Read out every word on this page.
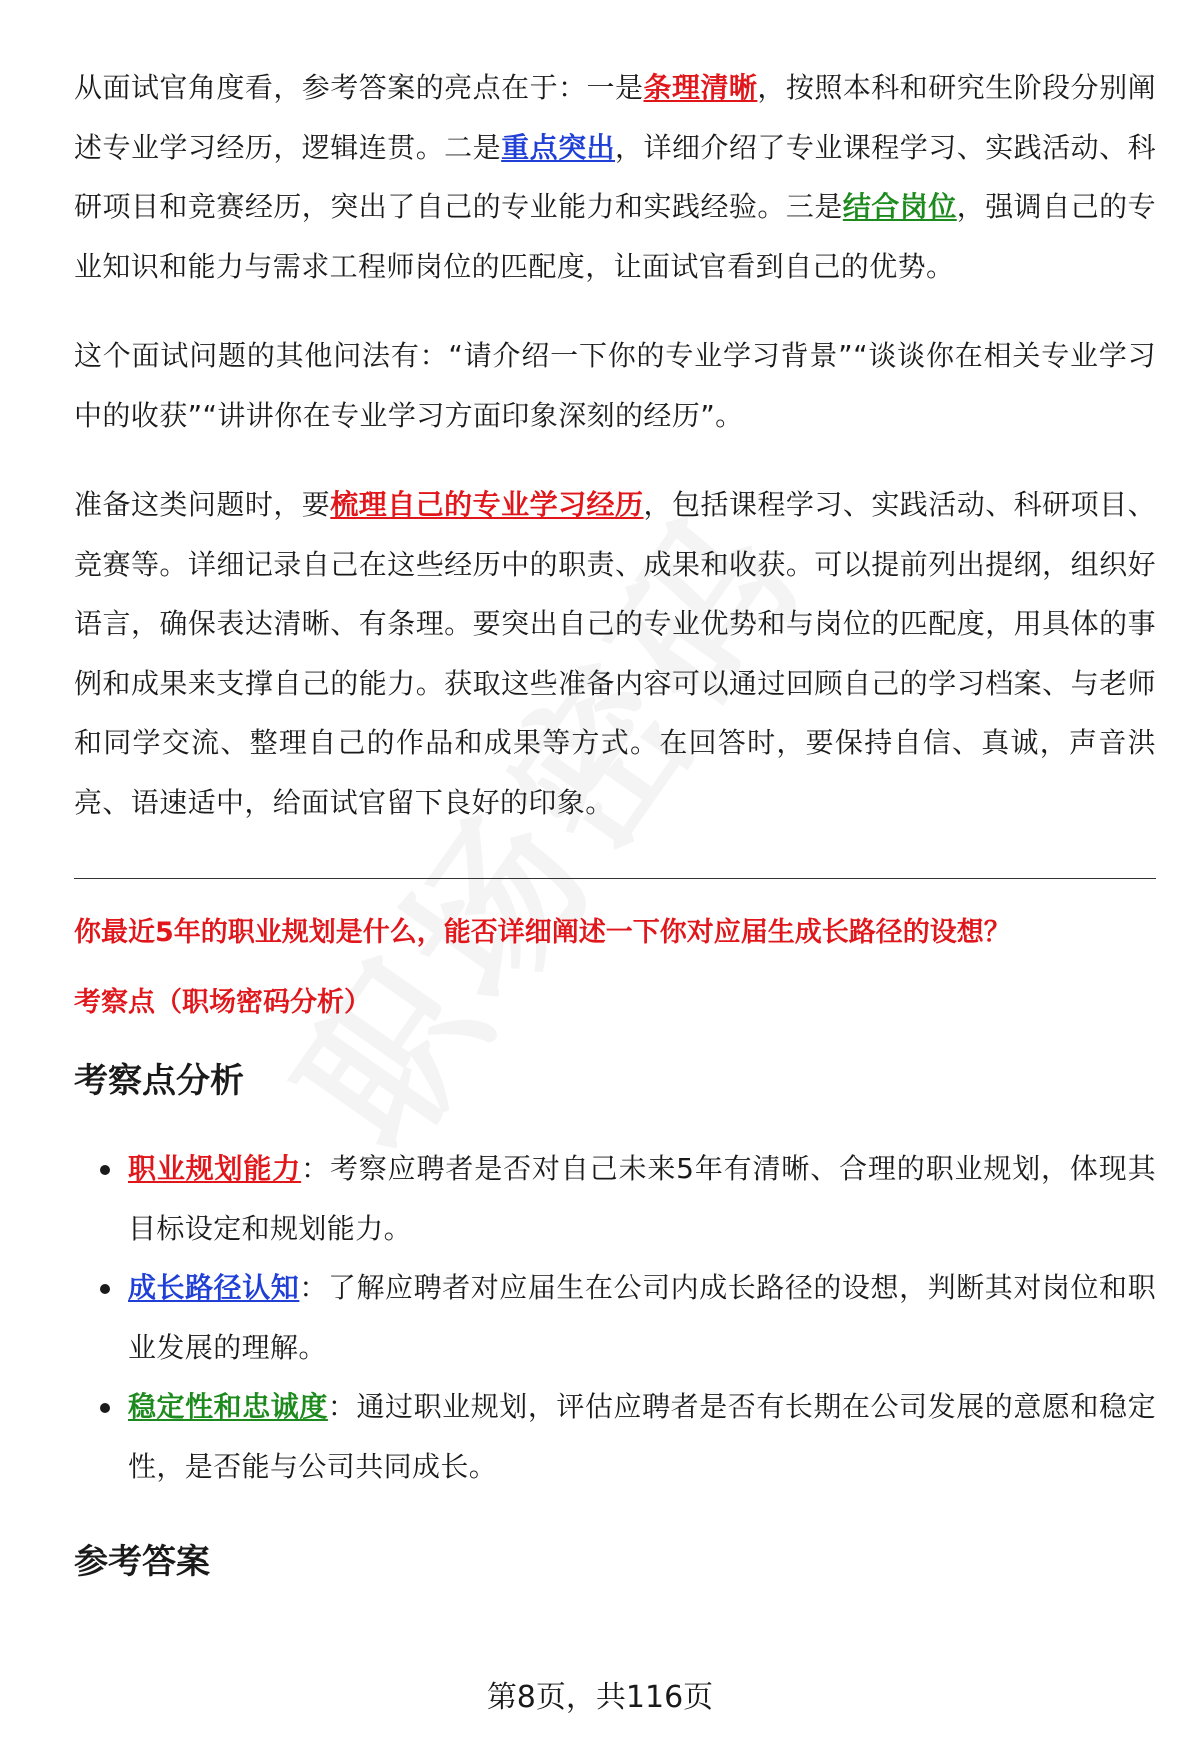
从面试官角度看，参考答案的亮点在于：一是条理清晰，按照本科和研究生阶段分别阐述专业学习经历，逻辑连贯。二是重点突出，详细介绍了专业课程学习、实践活动、科研项目和竞赛经历，突出了自己的专业能力和实践经验。三是结合岗位，强调自己的专业知识和能力与需求工程师岗位的匹配度，让面试官看到自己的优势。

这个面试问题的其他问法有：“请介绍一下你的专业学习背景”“谈谈你在相关专业学习中的收获”“讲讲你在专业学习方面印象深刻的经历”。

准备这类问题时，要梳理自己的专业学习经历，包括课程学习、实践活动、科研项目、竞赛等。详细记录自己在这些经历中的职责、成果和收获。可以提前列出提纲，组织好语言，确保表达清晰、有条理。要突出自己的专业优势和与岗位的匹配度，用具体的事例和成果来支撑自己的能力。获取这些准备内容可以通过回顾自己的学习档案、与老师和同学交流、整理自己的作品和成果等方式。在回答时，要保持自信、真诚，声音洪亮、语速适中，给面试官留下良好的印象。

你最近5年的职业规划是什么，能否详细阐述一下你对应届生成长路径的设想？
考察点（职场密码分析）
考察点分析
职业规划能力：考察应聘者是否对自己未来5年有清晰、合理的职业规划，体现其目标设定和规划能力。
成长路径认知：了解应聘者对应届生在公司内成长路径的设想，判断其对岗位和职业发展的理解。
稳定性和忠诚度：通过职业规划，评估应聘者是否有长期在公司发展的意愿和稳定性，是否能与公司共同成长。
参考答案
第8页，共116页
